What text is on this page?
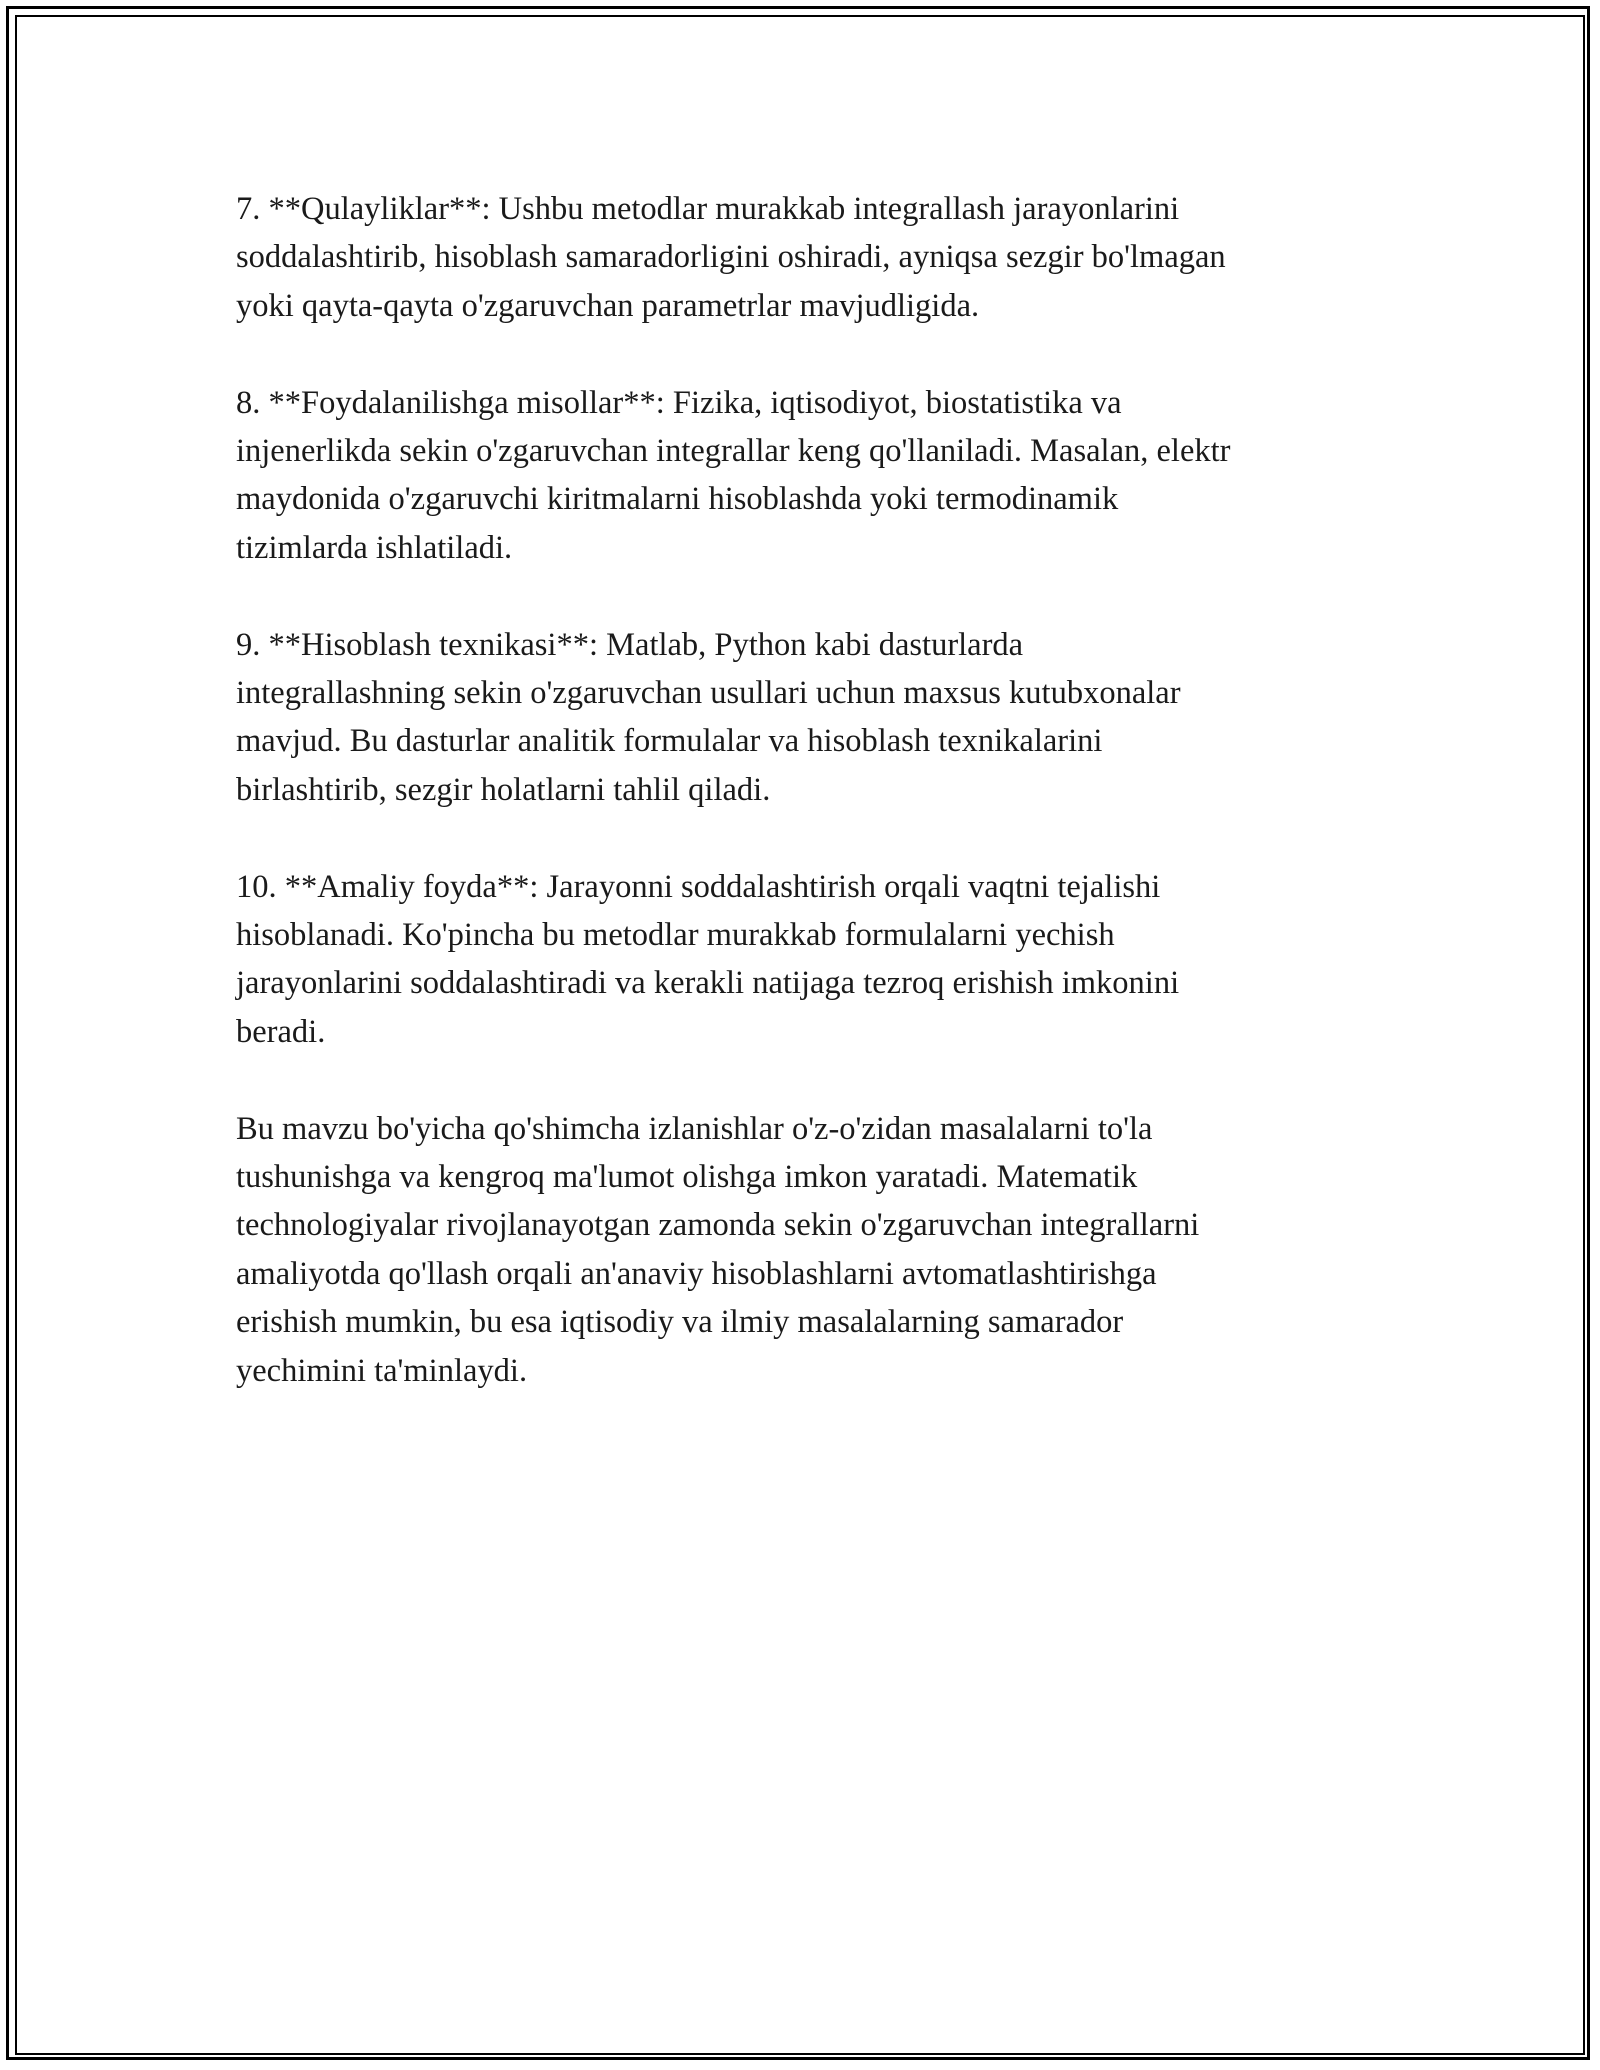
7. **Qulayliklar**: Ushbu metodlar murakkab integrallash jarayonlarini
soddalashtirib, hisoblash samaradorligini oshiradi, ayniqsa sezgir bo'lmagan
yoki qayta-qayta o'zgaruvchan parametrlar mavjudligida.

8. **Foydalanilishga misollar**: Fizika, iqtisodiyot, biostatistika va
injenerlikda sekin o'zgaruvchan integrallar keng qo'llaniladi. Masalan, elektr
maydonida o'zgaruvchi kiritmalarni hisoblashda yoki termodinamik
tizimlarda ishlatiladi.

9. **Hisoblash texnikasi**: Matlab, Python kabi dasturlarda
integrallashning sekin o'zgaruvchan usullari uchun maxsus kutubxonalar
mavjud. Bu dasturlar analitik formulalar va hisoblash texnikalarini
birlashtirib, sezgir holatlarni tahlil qiladi.

10. **Amaliy foyda**: Jarayonni soddalashtirish orqali vaqtni tejalishi
hisoblanadi. Ko'pincha bu metodlar murakkab formulalarni yechish
jarayonlarini soddalashtiradi va kerakli natijaga tezroq erishish imkonini
beradi.

Bu mavzu bo'yicha qo'shimcha izlanishlar o'z-o'zidan masalalarni to'la
tushunishga va kengroq ma'lumot olishga imkon yaratadi. Matematik
technologiyalar rivojlanayotgan zamonda sekin o'zgaruvchan integrallarni
amaliyotda qo'llash orqali an'anaviy hisoblashlarni avtomatlashtirishga
erishish mumkin, bu esa iqtisodiy va ilmiy masalalarning samarador
yechimini ta'minlaydi.
